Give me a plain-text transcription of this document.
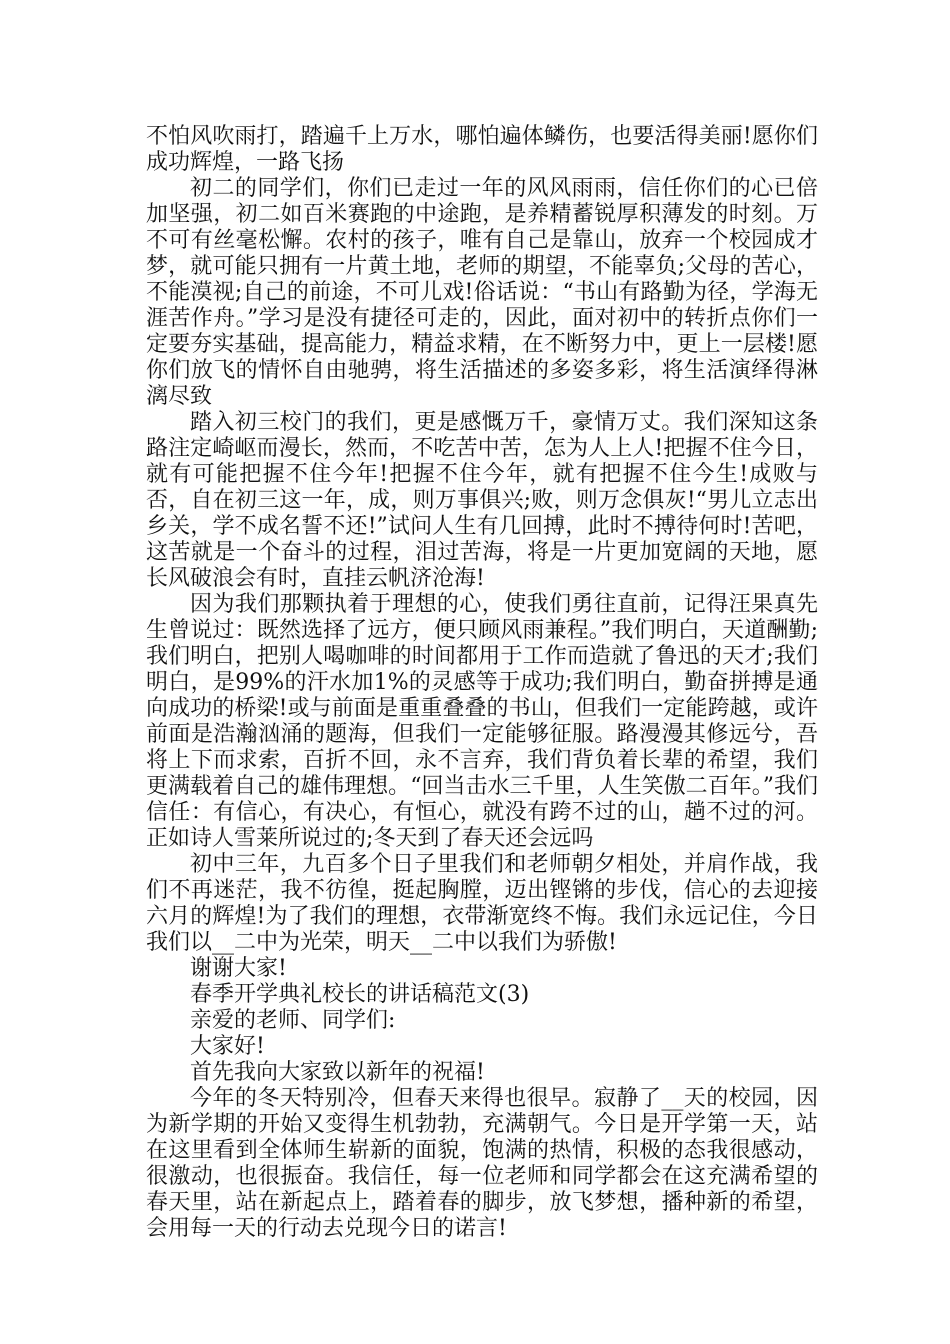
不怕风吹雨打，踏遍千上万水，哪怕遍体鳞伤，也要活得美丽!愿你们成功辉煌，一路飞扬

初二的同学们，你们已走过一年的风风雨雨，信任你们的心已倍加坚强，初二如百米赛跑的中途跑，是养精蓄锐厚积薄发的时刻。万不可有丝毫松懈。农村的孩子，唯有自己是靠山，放弃一个校园成才梦，就可能只拥有一片黄土地，老师的期望，不能辜负;父母的苦心，不能漠视;自己的前途，不可儿戏!俗话说：“书山有路勤为径，学海无涯苦作舟。”学习是没有捷径可走的，因此，面对初中的转折点你们一定要夯实基础，提高能力，精益求精，在不断努力中，更上一层楼!愿你们放飞的情怀自由驰骋，将生活描述的多姿多彩，将生活演绎得淋漓尽致

踏入初三校门的我们，更是感慨万千，豪情万丈。我们深知这条路注定崎岖而漫长，然而，不吃苦中苦，怎为人上人!把握不住今日，就有可能把握不住今年!把握不住今年，就有把握不住今生!成败与否，自在初三这一年，成，则万事俱兴;败，则万念俱灰!“男儿立志出乡关，学不成名誓不还!”试问人生有几回搏，此时不搏待何时!苦吧，这苦就是一个奋斗的过程，泪过苦海，将是一片更加宽阔的天地，愿长风破浪会有时，直挂云帆济沧海!

因为我们那颗执着于理想的心，使我们勇往直前，记得汪果真先生曾说过：既然选择了远方，便只顾风雨兼程。”我们明白，天道酬勤;我们明白，把别人喝咖啡的时间都用于工作而造就了鲁迅的天才;我们明白，是99%的汗水加1%的灵感等于成功;我们明白，勤奋拼搏是通向成功的桥梁!或与前面是重重叠叠的书山，但我们一定能跨越，或许前面是浩瀚汹涌的题海，但我们一定能够征服。路漫漫其修远兮，吾将上下而求索，百折不回，永不言弃，我们背负着长辈的希望，我们更满载着自己的雄伟理想。“回当击水三千里，人生笑傲二百年。”我们信任：有信心，有决心，有恒心，就没有跨不过的山，趟不过的河。正如诗人雪莱所说过的;冬天到了春天还会远吗

初中三年，九百多个日子里我们和老师朝夕相处，并肩作战，我们不再迷茫，我不彷徨，挺起胸膛，迈出铿锵的步伐，信心的去迎接六月的辉煌!为了我们的理想，衣带渐宽终不悔。我们永远记住，今日我们以__二中为光荣，明天__二中以我们为骄傲!

谢谢大家!

春季开学典礼校长的讲话稿范文(3)

亲爱的老师、同学们:

大家好!

首先我向大家致以新年的祝福!

今年的冬天特别冷，但春天来得也很早。寂静了__天的校园，因为新学期的开始又变得生机勃勃，充满朝气。今日是开学第一天，站在这里看到全体师生崭新的面貌，饱满的热情，积极的态我很感动，很激动，也很振奋。我信任，每一位老师和同学都会在这充满希望的春天里，站在新起点上，踏着春的脚步，放飞梦想，播种新的希望，会用每一天的行动去兑现今日的诺言!
